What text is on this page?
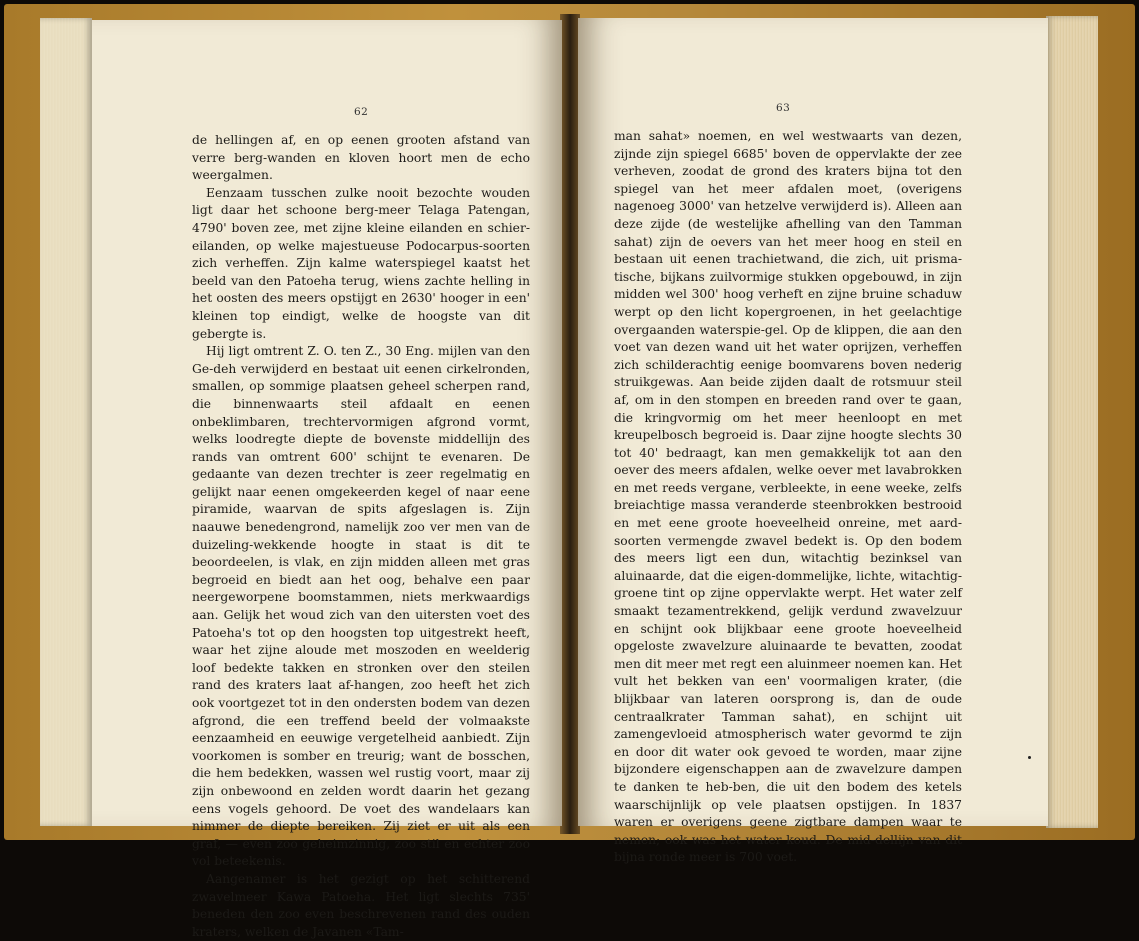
62

de hellingen af, en op eenen grooten afstand van verre berg-wanden en kloven hoort men de echo weergalmen.

Eenzaam tusschen zulke nooit bezochte wouden ligt daar het schoone berg-meer Telaga Patengan, 4790' boven zee, met zijne kleine eilanden en schier-eilanden, op welke majestueuse Podocarpus-soorten zich verheffen. Zijn kalme waterspiegel kaatst het beeld van den Patoeha terug, wiens zachte helling in het oosten des meers opstijgt en 2630' hooger in een' kleinen top eindigt, welke de hoogste van dit gebergte is.

Hij ligt omtrent Z. O. ten Z., 30 Eng. mijlen van den Ge-deh verwijderd en bestaat uit eenen cirkelronden, smallen, op sommige plaatsen geheel scherpen rand, die binnenwaarts steil afdaalt en eenen onbeklimbaren, trechtervormigen afgrond vormt, welks loodregte diepte de bovenste middellijn des rands van omtrent 600' schijnt te evenaren. De gedaante van dezen trechter is zeer regelmatig en gelijkt naar eenen omgekeerden kegel of naar eene piramide, waarvan de spits afgeslagen is. Zijn naauwe benedengrond, namelijk zoo ver men van de duizeling-wekkende hoogte in staat is dit te beoordeelen, is vlak, en zijn midden alleen met gras begroeid en biedt aan het oog, behalve een paar neergeworpene boomstammen, niets merkwaardigs aan. Gelijk het woud zich van den uitersten voet des Patoeha's tot op den hoogsten top uitgestrekt heeft, waar het zijne aloude met moszoden en weelderig loof bedekte takken en stronken over den steilen rand des kraters laat af-hangen, zoo heeft het zich ook voortgezet tot in den ondersten bodem van dezen afgrond, die een treffend beeld der volmaakste eenzaamheid en eeuwige vergetelheid aanbiedt. Zijn voorkomen is somber en treurig; want de bosschen, die hem bedekken, wassen wel rustig voort, maar zij zijn onbewoond en zelden wordt daarin het gezang eens vogels gehoord. De voet des wandelaars kan nimmer de diepte bereiken. Zij ziet er uit als een graf, — even zoo geheimzinnig, zoo stil en echter zoo vol beteekenis.

Aangenamer is het gezigt op het schitterend zwavelmeer Kawa Patoeha. Het ligt slechts 735' beneden den zoo even beschrevenen rand des ouden kraters, welken de Javanen «Tam-

63

man sahat» noemen, en wel westwaarts van dezen, zijnde zijn spiegel 6685' boven de oppervlakte der zee verheven, zoodat de grond des kraters bijna tot den spiegel van het meer afdalen moet, (overigens nagenoeg 3000' van hetzelve verwijderd is). Alleen aan deze zijde (de westelijke afhelling van den Tamman sahat) zijn de oevers van het meer hoog en steil en bestaan uit eenen trachietwand, die zich, uit prisma-tische, bijkans zuilvormige stukken opgebouwd, in zijn midden wel 300' hoog verheft en zijne bruine schaduw werpt op den licht kopergroenen, in het geelachtige overgaanden waterspie-gel. Op de klippen, die aan den voet van dezen wand uit het water oprijzen, verheffen zich schilderachtig eenige boomvarens boven nederig struikgewas. Aan beide zijden daalt de rotsmuur steil af, om in den stompen en breeden rand over te gaan, die kringvormig om het meer heenloopt en met kreupelbosch begroeid is. Daar zijne hoogte slechts 30 tot 40' bedraagt, kan men gemakkelijk tot aan den oever des meers afdalen, welke oever met lavabrokken en met reeds vergane, verbleekte, in eene weeke, zelfs breiachtige massa veranderde steenbrokken bestrooid en met eene groote hoeveelheid onreine, met aard-soorten vermengde zwavel bedekt is. Op den bodem des meers ligt een dun, witachtig bezinksel van aluinaarde, dat die eigen-dommelijke, lichte, witachtig-groene tint op zijne oppervlakte werpt. Het water zelf smaakt tezamentrekkend, gelijk verdund zwavelzuur en schijnt ook blijkbaar eene groote hoeveelheid opgeloste zwavelzure aluinaarde te bevatten, zoodat men dit meer met regt een aluinmeer noemen kan. Het vult het bekken van een' voormaligen krater, (die blijkbaar van lateren oorsprong is, dan de oude centraalkrater Tamman sahat), en schijnt uit zamengevloeid atmospherisch water gevormd te zijn en door dit water ook gevoed te worden, maar zijne bijzondere eigenschappen aan de zwavelzure dampen te danken te heb-ben, die uit den bodem des ketels waarschijnlijk op vele plaatsen opstijgen. In 1837 waren er overigens geene zigtbare dampen waar te nemen; ook was het water koud. De mid-dellijn van dit bijna ronde meer is 700 voet.
